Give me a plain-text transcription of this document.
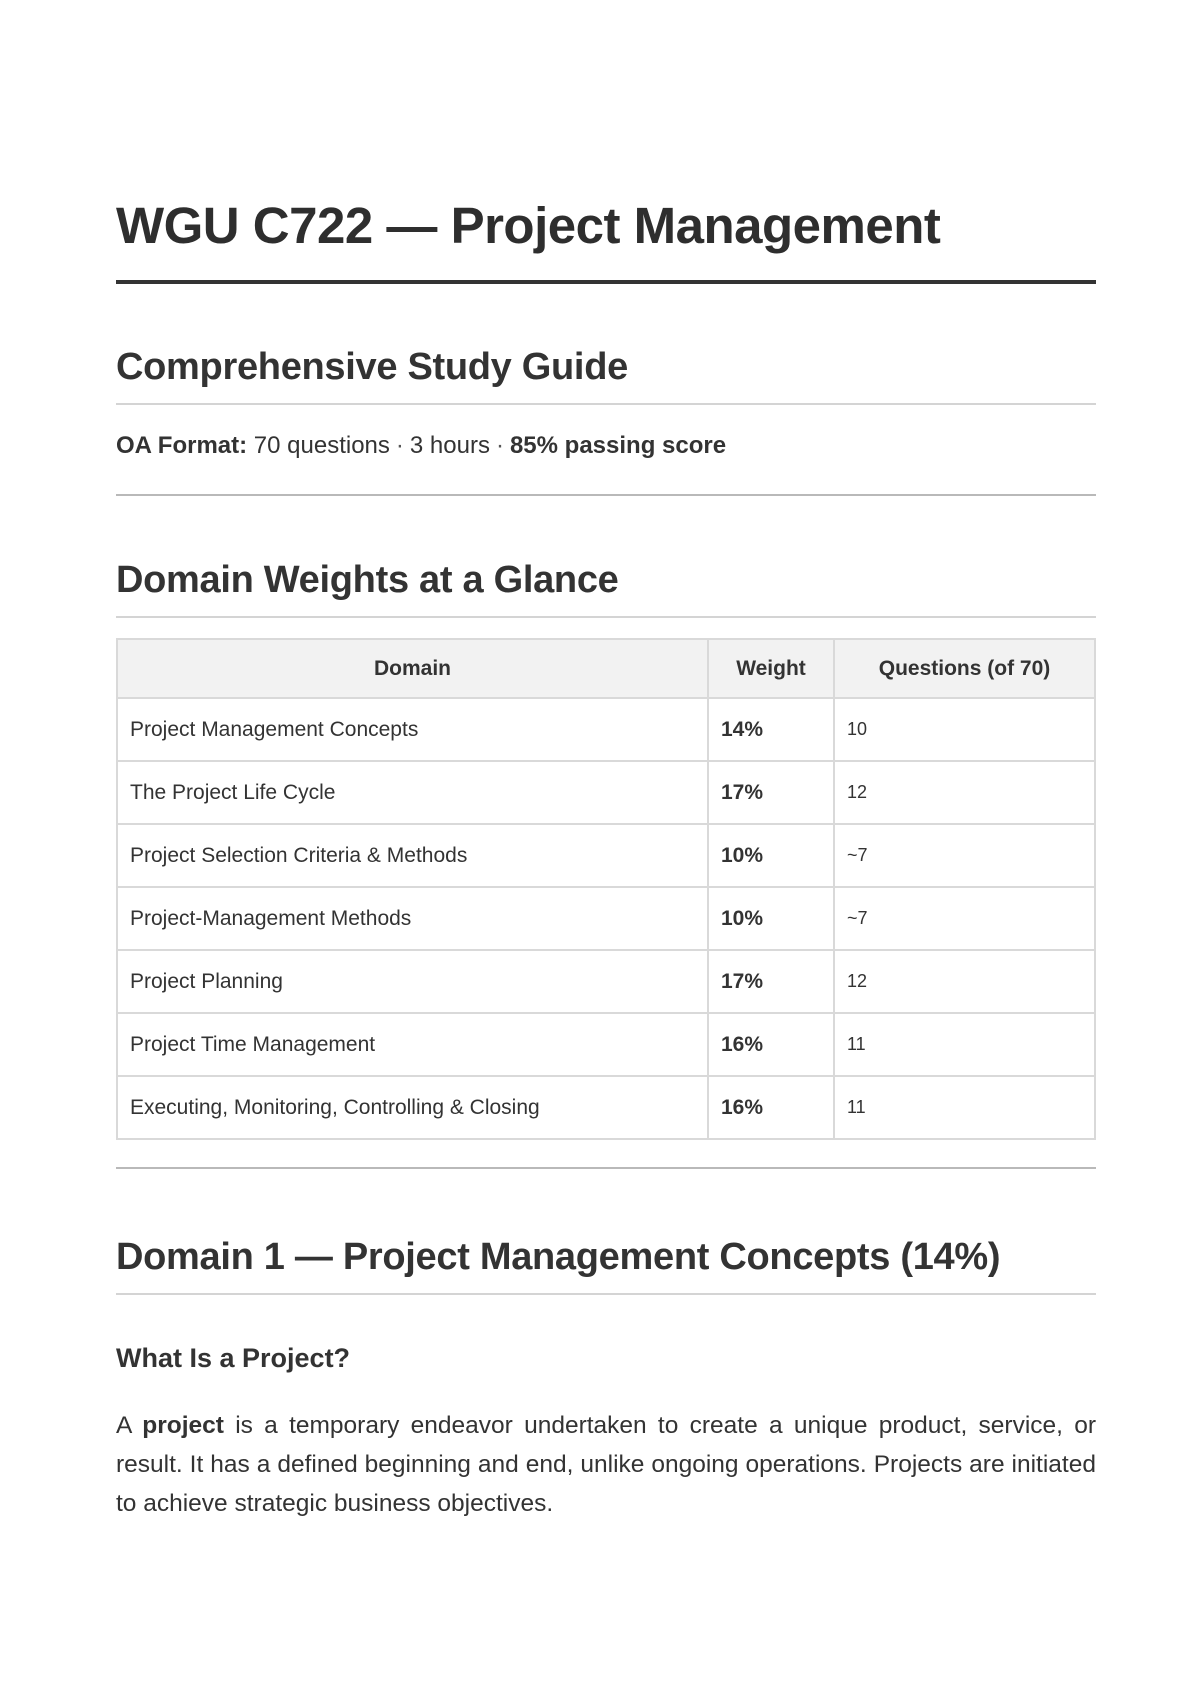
WGU C722 — Project Management
Comprehensive Study Guide
OA Format: 70 questions · 3 hours · 85% passing score
Domain Weights at a Glance
Domain	Weight	Questions (of 70)
Project Management Concepts	14%	10
The Project Life Cycle	17%	12
Project Selection Criteria & Methods	10%	~7
Project-Management Methods	10%	~7
Project Planning	17%	12
Project Time Management	16%	11
Executing, Monitoring, Controlling & Closing	16%	11
Domain 1 — Project Management Concepts (14%)
What Is a Project?

A project is a temporary endeavor undertaken to create a unique product, service, or result. It has a defined beginning and end, unlike ongoing operations. Projects are initiated to achieve strategic business objectives.
